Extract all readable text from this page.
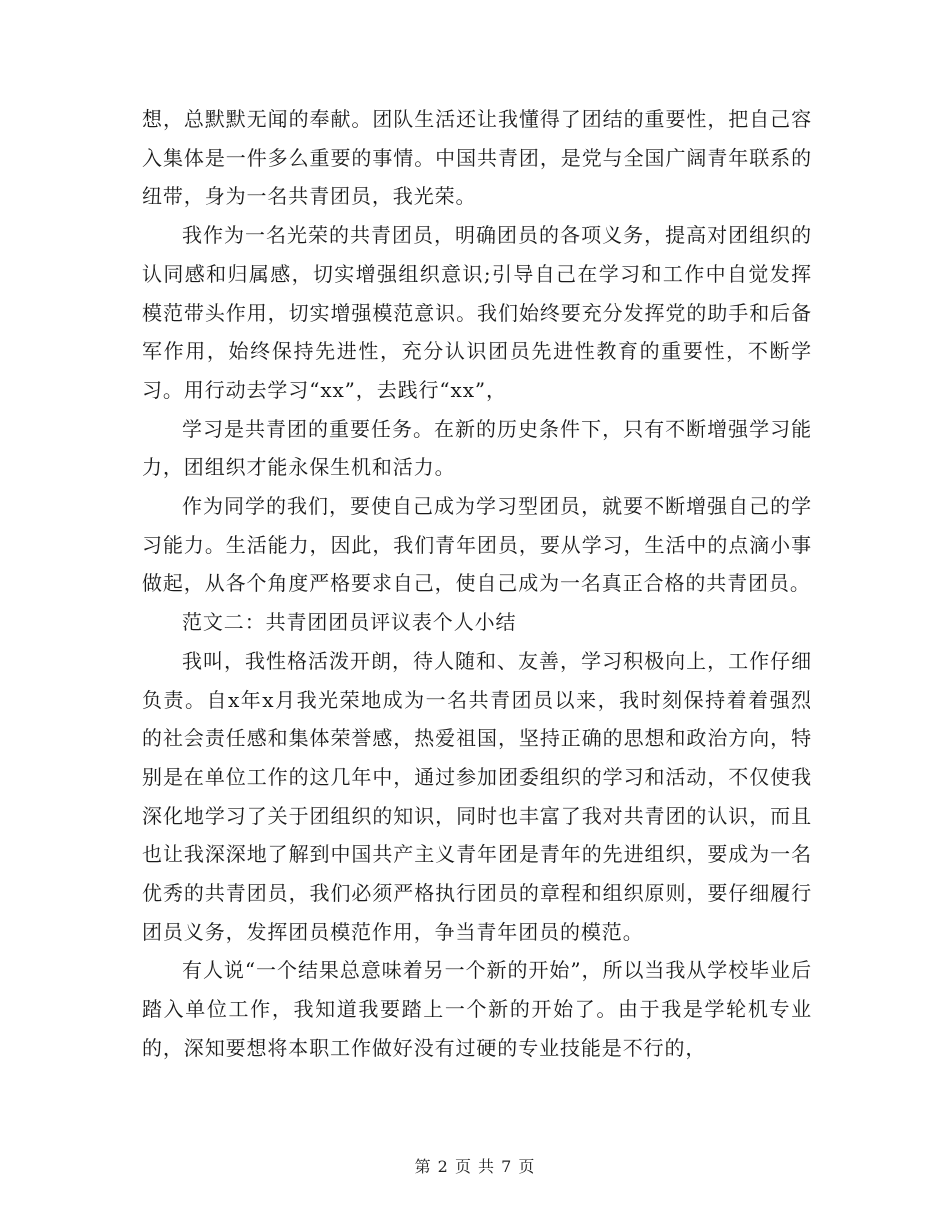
想，总默默无闻的奉献。团队生活还让我懂得了团结的重要性，把自己容入集体是一件多么重要的事情。中国共青团，是党与全国广阔青年联系的纽带，身为一名共青团员，我光荣。

我作为一名光荣的共青团员，明确团员的各项义务，提高对团组织的认同感和归属感，切实增强组织意识;引导自己在学习和工作中自觉发挥模范带头作用，切实增强模范意识。我们始终要充分发挥党的助手和后备军作用，始终保持先进性，充分认识团员先进性教育的重要性，不断学习。用行动去学习“xx”，去践行“xx”，

学习是共青团的重要任务。在新的历史条件下，只有不断增强学习能力，团组织才能永保生机和活力。

作为同学的我们，要使自己成为学习型团员，就要不断增强自己的学习能力。生活能力，因此，我们青年团员，要从学习，生活中的点滴小事做起，从各个角度严格要求自己，使自己成为一名真正合格的共青团员。

范文二：共青团团员评议表个人小结

我叫，我性格活泼开朗，待人随和、友善，学习积极向上，工作仔细负责。自x年x月我光荣地成为一名共青团员以来，我时刻保持着着强烈的社会责任感和集体荣誉感，热爱祖国，坚持正确的思想和政治方向，特别是在单位工作的这几年中，通过参加团委组织的学习和活动，不仅使我深化地学习了关于团组织的知识，同时也丰富了我对共青团的认识，而且也让我深深地了解到中国共产主义青年团是青年的先进组织，要成为一名优秀的共青团员，我们必须严格执行团员的章程和组织原则，要仔细履行团员义务，发挥团员模范作用，争当青年团员的模范。

有人说“一个结果总意味着另一个新的开始”，所以当我从学校毕业后踏入单位工作，我知道我要踏上一个新的开始了。由于我是学轮机专业的，深知要想将本职工作做好没有过硬的专业技能是不行的，

第 2 页 共 7 页
